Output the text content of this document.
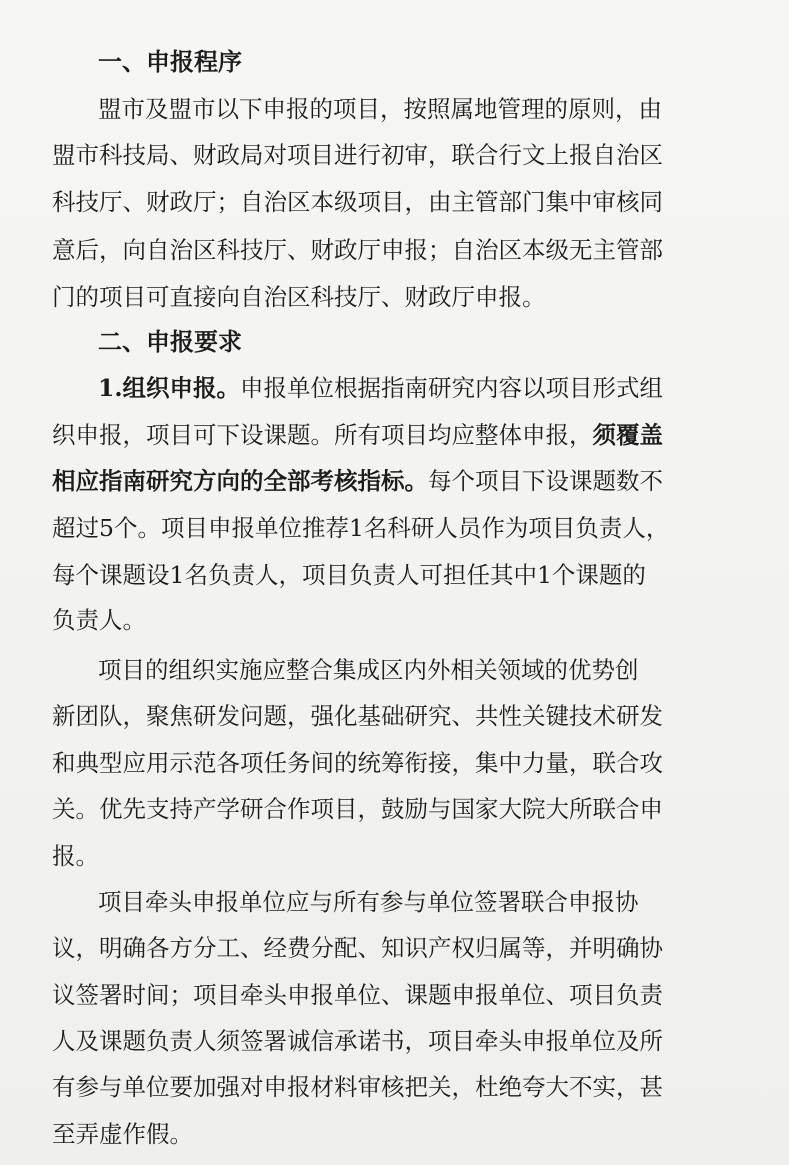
一、申报程序
盟市及盟市以下申报的项目，按照属地管理的原则，由
盟市科技局、财政局对项目进行初审，联合行文上报自治区
科技厅、财政厅；自治区本级项目，由主管部门集中审核同
意后，向自治区科技厅、财政厅申报；自治区本级无主管部
门的项目可直接向自治区科技厅、财政厅申报。
二、申报要求
1.组织申报。申报单位根据指南研究内容以项目形式组
织申报，项目可下设课题。所有项目均应整体申报，须覆盖
相应指南研究方向的全部考核指标。每个项目下设课题数不
超过5个。项目申报单位推荐1名科研人员作为项目负责人，
每个课题设1名负责人，项目负责人可担任其中1个课题的
负责人。
项目的组织实施应整合集成区内外相关领域的优势创
新团队，聚焦研发问题，强化基础研究、共性关键技术研发
和典型应用示范各项任务间的统筹衔接，集中力量，联合攻
关。优先支持产学研合作项目，鼓励与国家大院大所联合申
报。
项目牵头申报单位应与所有参与单位签署联合申报协
议，明确各方分工、经费分配、知识产权归属等，并明确协
议签署时间；项目牵头申报单位、课题申报单位、项目负责
人及课题负责人须签署诚信承诺书，项目牵头申报单位及所
有参与单位要加强对申报材料审核把关，杜绝夸大不实，甚
至弄虚作假。
